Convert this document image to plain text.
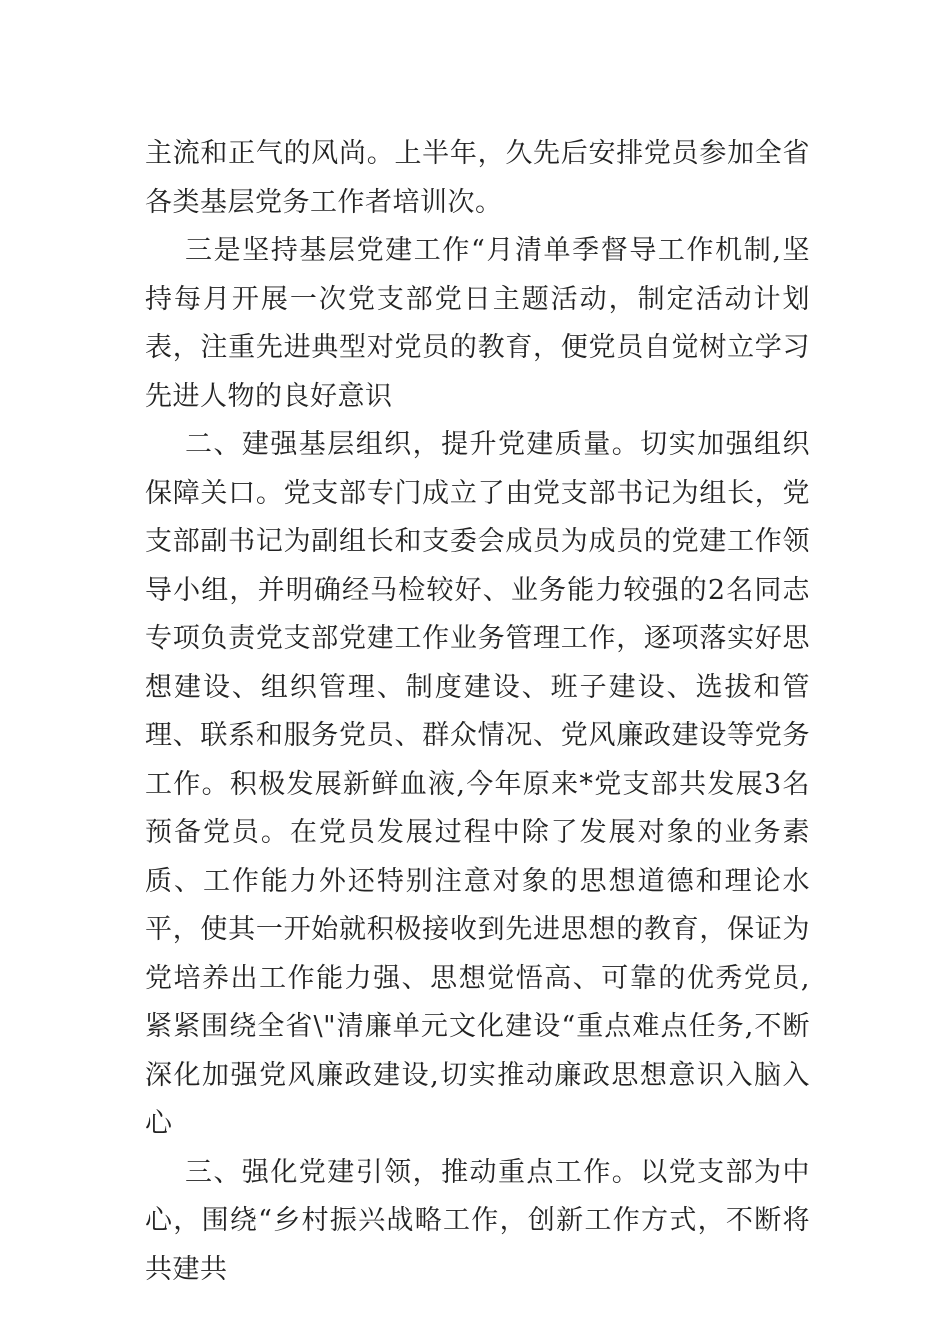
主流和正气的风尚。上半年，久先后安排党员参加全省各类基层党务工作者培训次。

三是坚持基层党建工作“月清单季督导工作机制,坚持每月开展一次党支部党日主题活动，制定活动计划表，注重先进典型对党员的教育，便党员自觉树立学习先进人物的良好意识

二、建强基层组织，提升党建质量。切实加强组织保障关口。党支部专门成立了由党支部书记为组长，党支部副书记为副组长和支委会成员为成员的党建工作领导小组，并明确经马检较好、业务能力较强的2名同志专项负责党支部党建工作业务管理工作，逐项落实好思想建设、组织管理、制度建设、班子建设、选拔和管理、联系和服务党员、群众情况、党风廉政建设等党务工作。积极发展新鲜血液,今年原来*党支部共发展3名预备党员。在党员发展过程中除了发展对象的业务素质、工作能力外还特别注意对象的思想道德和理论水平，使其一开始就积极接收到先进思想的教育，保证为党培养出工作能力强、思想觉悟高、可靠的优秀党员,紧紧围绕全省\"清廉单元文化建设“重点难点任务,不断深化加强党风廉政建设,切实推动廉政思想意识入脑入心

三、强化党建引领，推动重点工作。以党支部为中心，围绕“乡村振兴战略工作，创新工作方式，不断将共建共
